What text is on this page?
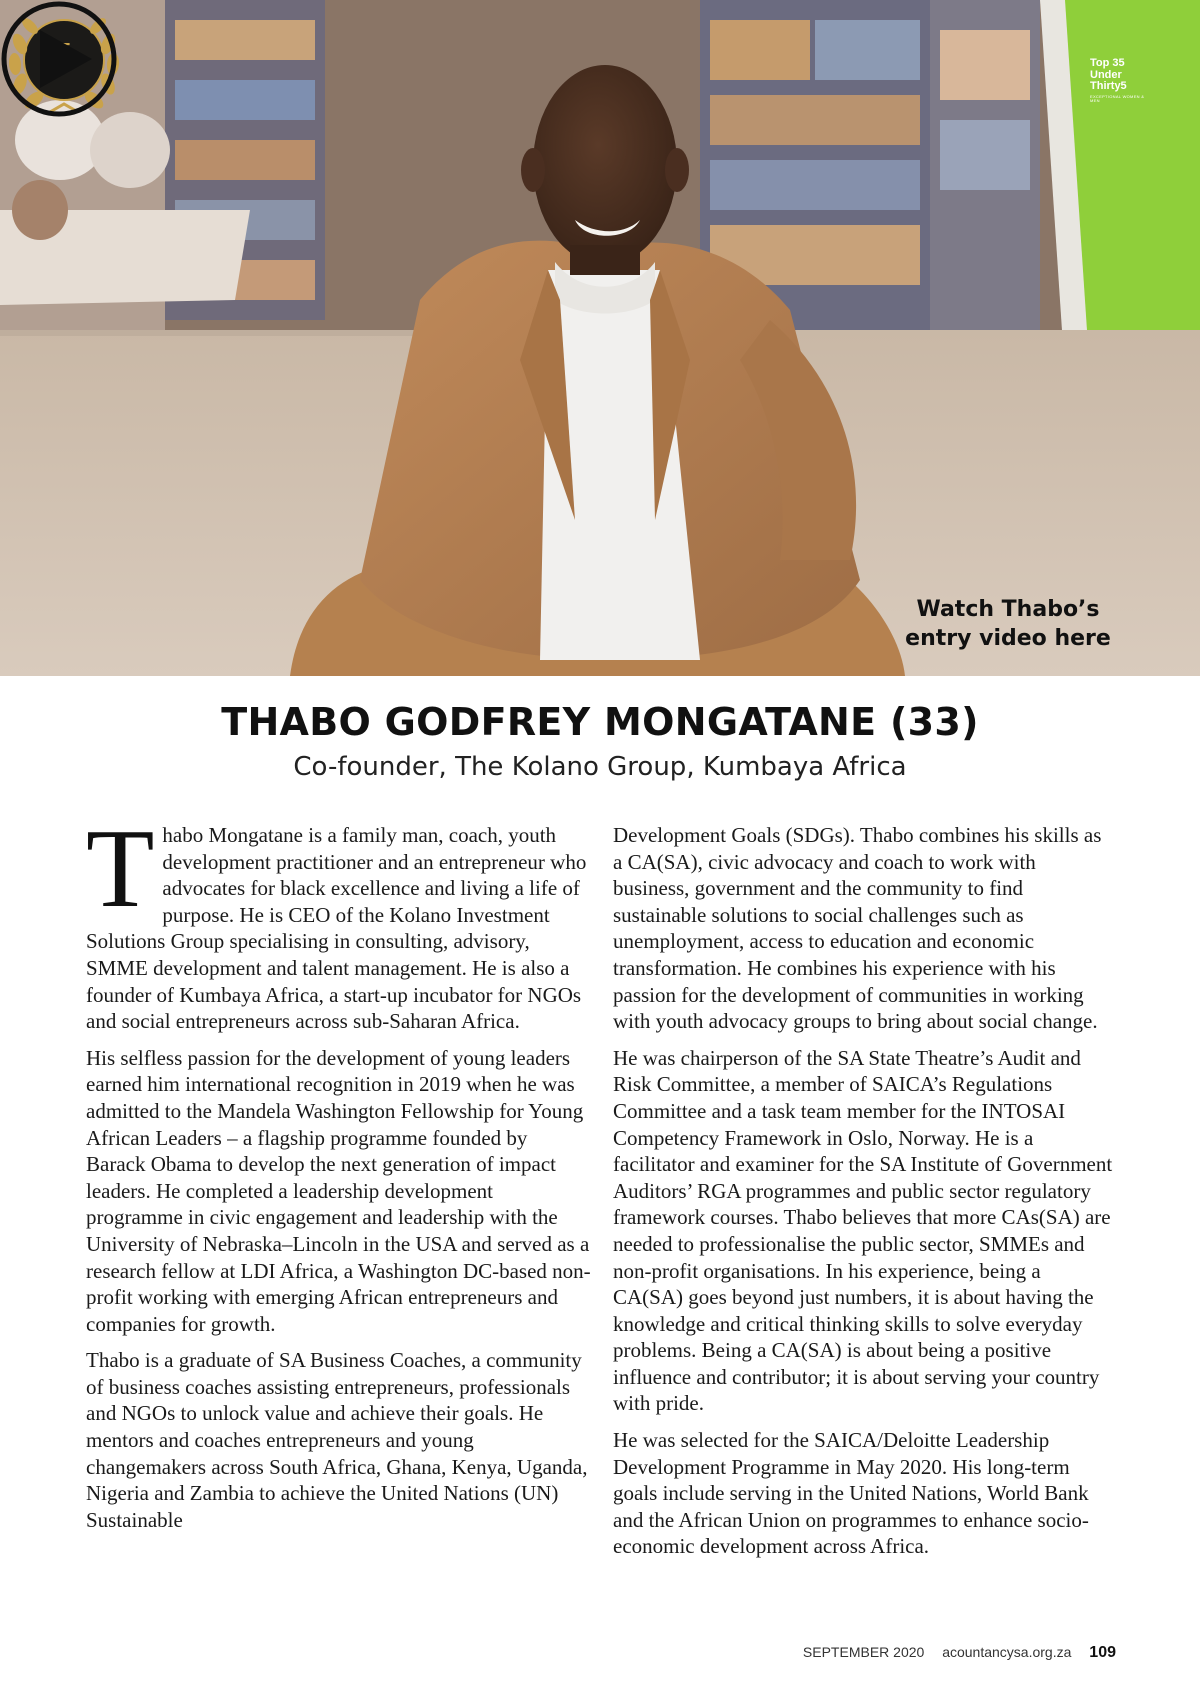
Top 35
Under Thirty5
EXCEPTIONAL WOMEN & MEN
Watch Thabo’s
entry video here
THABO GODFREY MONGATANE (33)
Co-founder, The Kolano Group, Kumbaya Africa

Thabo Mongatane is a family man, coach, youth development practitioner and an entrepreneur who advocates for black excellence and living a life of purpose. He is CEO of the Kolano Investment Solutions Group specialising in consulting, advisory, SMME development and talent management. He is also a founder of Kumbaya Africa, a start-up incubator for NGOs and social entrepreneurs across sub-Saharan Africa.

His selfless passion for the development of young leaders earned him international recognition in 2019 when he was admitted to the Mandela Washington Fellowship for Young African Leaders – a flagship programme founded by Barack Obama to develop the next generation of impact leaders. He completed a leadership development programme in civic engagement and leadership with the University of Nebraska–Lincoln in the USA and served as a research fellow at LDI Africa, a Washington DC-based non-profit working with emerging African entrepreneurs and companies for growth.

Thabo is a graduate of SA Business Coaches, a community of business coaches assisting entrepreneurs, professionals and NGOs to unlock value and achieve their goals. He mentors and coaches entrepreneurs and young changemakers across South Africa, Ghana, Kenya, Uganda, Nigeria and Zambia to achieve the United Nations (UN) Sustainable

Development Goals (SDGs). Thabo combines his skills as a CA(SA), civic advocacy and coach to work with business, government and the community to find sustainable solutions to social challenges such as unemployment, access to education and economic transformation. He combines his experience with his passion for the development of communities in working with youth advocacy groups to bring about social change.

He was chairperson of the SA State Theatre’s Audit and Risk Committee, a member of SAICA’s Regulations Committee and a task team member for the INTOSAI Competency Framework in Oslo, Norway. He is a facilitator and examiner for the SA Institute of Government Auditors’ RGA programmes and public sector regulatory framework courses. Thabo believes that more CAs(SA) are needed to professionalise the public sector, SMMEs and non-profit organisations. In his experience, being a CA(SA) goes beyond just numbers, it is about having the knowledge and critical thinking skills to solve everyday problems. Being a CA(SA) is about being a positive influence and contributor; it is about serving your country with pride.

He was selected for the SAICA/Deloitte Leadership Development Programme in May 2020. His long-term goals include serving in the United Nations, World Bank and the African Union on programmes to enhance socio-economic development across Africa.

SEPTEMBER 2020 acountancysa.org.za 109
